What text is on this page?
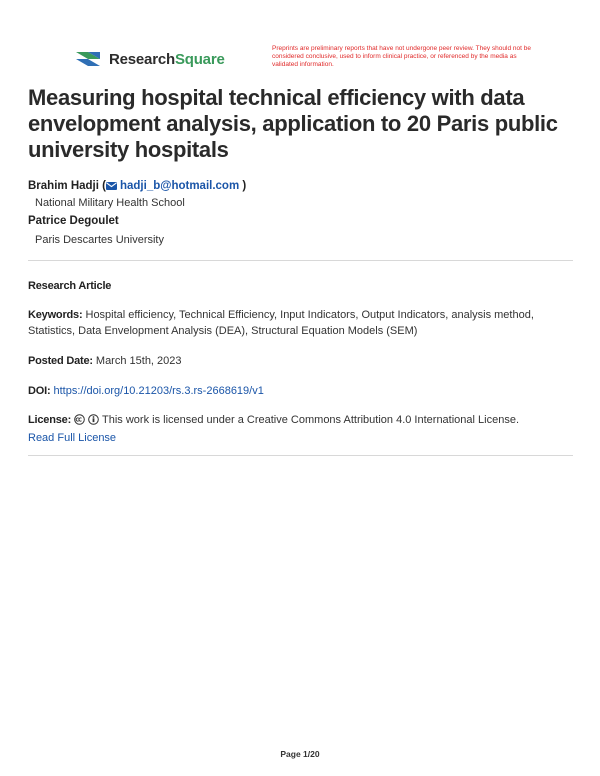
ResearchSquare
Preprints are preliminary reports that have not undergone peer review. They should not be considered conclusive, used to inform clinical practice, or referenced by the media as validated information.
Measuring hospital technical efficiency with data envelopment analysis, application to 20 Paris public university hospitals
Brahim Hadji ( hadji_b@hotmail.com )
National Military Health School
Patrice Degoulet
Paris Descartes University
Research Article
Keywords: Hospital efficiency, Technical Efficiency, Input Indicators, Output Indicators, analysis method, Statistics, Data Envelopment Analysis (DEA), Structural Equation Models (SEM)
Posted Date: March 15th, 2023
DOI: https://doi.org/10.21203/rs.3.rs-2668619/v1
License:	This work is licensed under a Creative Commons Attribution 4.0 International License.
Read Full License
Page 1/20
